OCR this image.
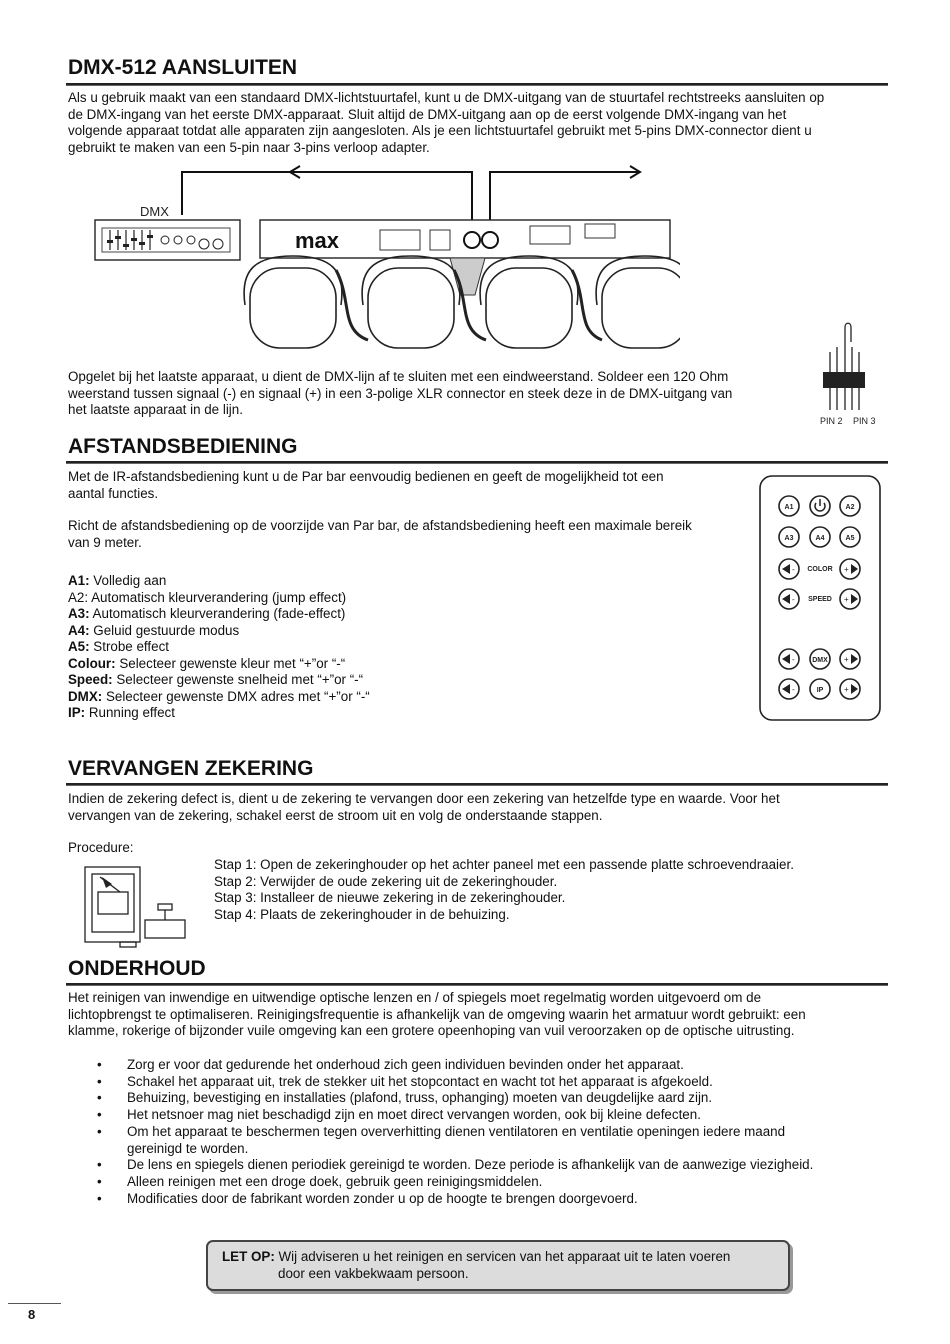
DMX-512 AANSLUITEN
Als u gebruik maakt van een standaard DMX-lichtstuurtafel, kunt u de DMX-uitgang van de stuurtafel rechtstreeks aansluiten op
de DMX-ingang van het eerste DMX-apparaat. Sluit altijd de DMX-uitgang aan op de eerst volgende DMX-ingang van het
volgende apparaat totdat alle apparaten zijn aangesloten. Als je een lichtstuurtafel gebruikt met 5-pins DMX-connector dient u
gebruikt te maken van een 5-pin naar 3-pins verloop adapter.
DMX
max
Opgelet bij het laatste apparaat, u dient de DMX-lijn af te sluiten met een eindweerstand. Soldeer een 120 Ohm
weerstand tussen signaal (-) en signaal (+) in een 3-polige XLR connector en steek deze in de DMX-uitgang van
het laatste apparaat in de lijn.
PIN 2 PIN 3
AFSTANDSBEDIENING
Met de IR-afstandsbediening kunt u de Par bar eenvoudig bedienen en geeft de mogelijkheid tot een
aantal functies.
Richt de afstandsbediening op de voorzijde van Par bar, de afstandsbediening heeft een maximale bereik
van 9 meter.
A1: Volledig aan
A2: Automatisch kleurverandering (jump effect)
A3: Automatisch kleurverandering (fade-effect)
A4: Geluid gestuurde modus
A5: Strobe effect
Colour: Selecteer gewenste kleur met “+”or “-“
Speed: Selecteer gewenste snelheid met “+”or “-“
DMX: Selecteer gewenste DMX adres met “+”or “-“
IP: Running effect
A1	A2
A3	A4	A5
COLOR
SPEED
DMX
IP
-
-
-
-
+
+
+
+
VERVANGEN ZEKERING
Indien de zekering defect is, dient u de zekering te vervangen door een zekering van hetzelfde type en waarde. Voor het
vervangen van de zekering, schakel eerst de stroom uit en volg de onderstaande stappen.
Procedure:
Stap 1: Open de zekeringhouder op het achter paneel met een passende platte schroevendraaier.
Stap 2: Verwijder de oude zekering uit de zekeringhouder.
Stap 3: Installeer de nieuwe zekering in de zekeringhouder.
Stap 4: Plaats de zekeringhouder in de behuizing.
ONDERHOUD
Het reinigen van inwendige en uitwendige optische lenzen en / of spiegels moet regelmatig worden uitgevoerd om de
lichtopbrengst te optimaliseren. Reinigingsfrequentie is afhankelijk van de omgeving waarin het armatuur wordt gebruikt: een
klamme, rokerige of bijzonder vuile omgeving kan een grotere opeenhoping van vuil veroorzaken op de optische uitrusting.
• Zorg er voor dat gedurende het onderhoud zich geen individuen bevinden onder het apparaat.
• Schakel het apparaat uit, trek de stekker uit het stopcontact en wacht tot het apparaat is afgekoeld.
• Behuizing, bevestiging en installaties (plafond, truss, ophanging) moeten van deugdelijke aard zijn.
• Het netsnoer mag niet beschadigd zijn en moet direct vervangen worden, ook bij kleine defecten.
• Om het apparaat te beschermen tegen oververhitting dienen ventilatoren en ventilatie openingen iedere maand
gereinigd te worden.
• De lens en spiegels dienen periodiek gereinigd te worden. Deze periode is afhankelijk van de aanwezige viezigheid.
• Alleen reinigen met een droge doek, gebruik geen reinigingsmiddelen.
• Modificaties door de fabrikant worden zonder u op de hoogte te brengen doorgevoerd.
LET OP: Wij adviseren u het reinigen en servicen van het apparaat uit te laten voeren
door een vakbekwaam persoon.
8
